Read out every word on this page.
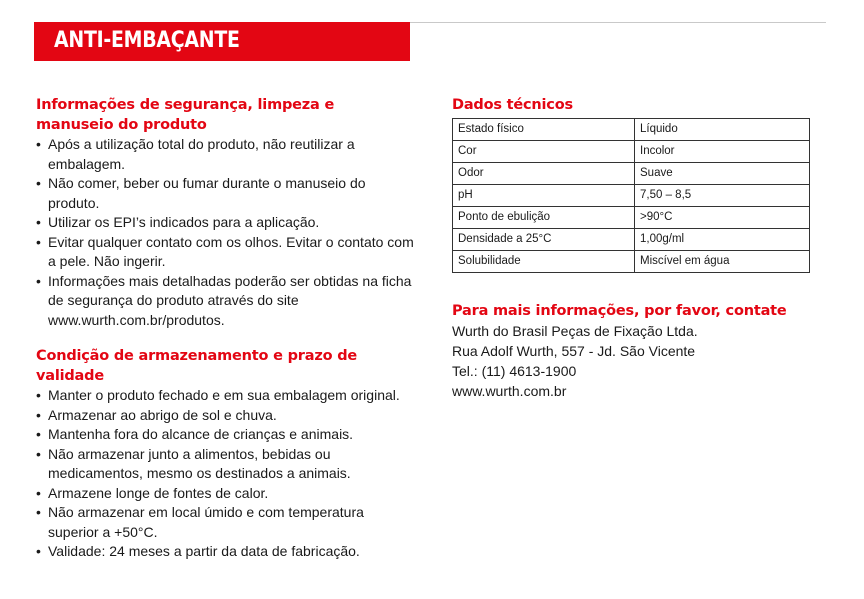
ANTI-EMBAÇANTE
Informações de segurança, limpeza e manuseio do produto
• Após a utilização total do produto, não reutilizar a embalagem.
• Não comer, beber ou fumar durante o manuseio do produto.
• Utilizar os EPI’s indicados para a aplicação.
• Evitar qualquer contato com os olhos. Evitar o contato com a pele. Não ingerir.
• Informações mais detalhadas poderão ser obtidas na ficha de segurança do produto através do site www.wurth.com.br/produtos.
Condição de armazenamento e prazo de validade
• Manter o produto fechado e em sua embalagem original.
• Armazenar ao abrigo de sol e chuva.
• Mantenha fora do alcance de crianças e animais.
• Não armazenar junto a alimentos, bebidas ou medicamentos, mesmo os destinados a animais.
• Armazene longe de fontes de calor.
• Não armazenar em local úmido e com temperatura superior a +50°C.
• Validade: 24 meses a partir da data de fabricação.
Dados técnicos
Estado físico	Líquido
Cor	Incolor
Odor	Suave
pH	7,50 – 8,5
Ponto de ebulição	>90°C
Densidade a 25°C	1,00g/ml
Solubilidade	Miscível em água
Para mais informações, por favor, contate

Wurth do Brasil Peças de Fixação Ltda.

Rua Adolf Wurth, 557 - Jd. São Vicente

Tel.: (11) 4613-1900

www.wurth.com.br
